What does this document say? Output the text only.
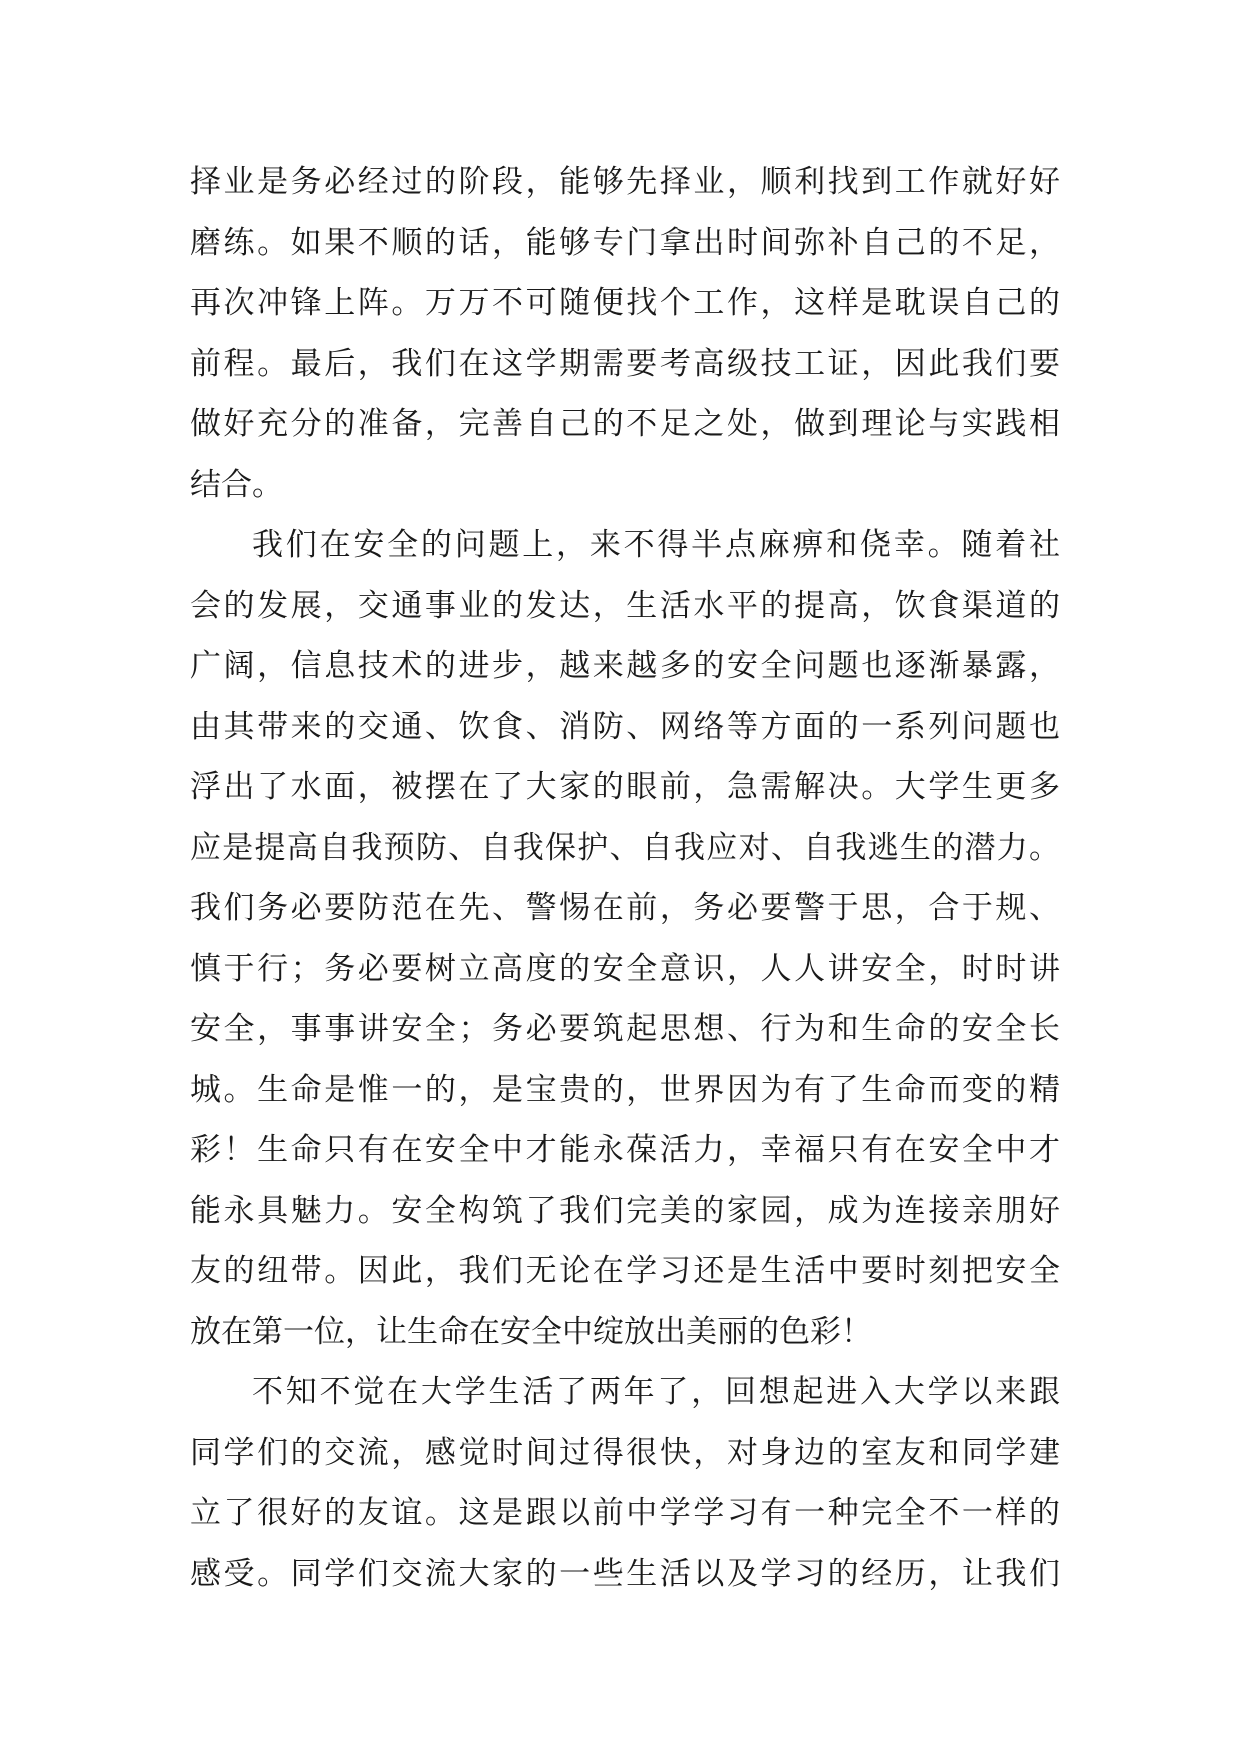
择业是务必经过的阶段，能够先择业，顺利找到工作就好好
磨练。如果不顺的话，能够专门拿出时间弥补自己的不足，
再次冲锋上阵。万万不可随便找个工作，这样是耽误自己的
前程。最后，我们在这学期需要考高级技工证，因此我们要
做好充分的准备，完善自己的不足之处，做到理论与实践相
结合。
我们在安全的问题上，来不得半点麻痹和侥幸。随着社
会的发展，交通事业的发达，生活水平的提高，饮食渠道的
广阔，信息技术的进步，越来越多的安全问题也逐渐暴露，
由其带来的交通、饮食、消防、网络等方面的一系列问题也
浮出了水面，被摆在了大家的眼前，急需解决。大学生更多
应是提高自我预防、自我保护、自我应对、自我逃生的潜力。
我们务必要防范在先、警惕在前，务必要警于思，合于规、
慎于行；务必要树立高度的安全意识，人人讲安全，时时讲
安全，事事讲安全；务必要筑起思想、行为和生命的安全长
城。生命是惟一的，是宝贵的，世界因为有了生命而变的精
彩！生命只有在安全中才能永葆活力，幸福只有在安全中才
能永具魅力。安全构筑了我们完美的家园，成为连接亲朋好
友的纽带。因此，我们无论在学习还是生活中要时刻把安全
放在第一位，让生命在安全中绽放出美丽的色彩！
不知不觉在大学生活了两年了，回想起进入大学以来跟
同学们的交流，感觉时间过得很快，对身边的室友和同学建
立了很好的友谊。这是跟以前中学学习有一种完全不一样的
感受。同学们交流大家的一些生活以及学习的经历，让我们
